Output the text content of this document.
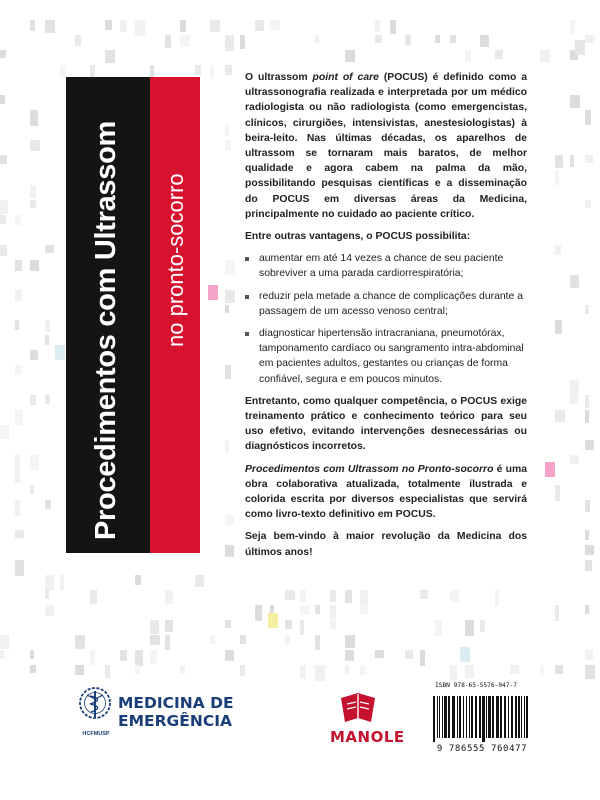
Procedimentos com Ultrassom no pronto-socorro

O ultrassom point of care (POCUS) é definido como a ultrassonografia realizada e interpretada por um médico radiologista ou não radiologista (como emergencistas, clínicos, cirurgiões, intensivistas, anestesiologistas) à beira-leito. Nas últimas décadas, os aparelhos de ultrassom se tornaram mais baratos, de melhor qualidade e agora cabem na palma da mão, possibilitando pesquisas científicas e a disseminação do POCUS em diversas áreas da Medicina, principalmente no cuidado ao paciente crítico.

Entre outras vantagens, o POCUS possibilita:

aumentar em até 14 vezes a chance de seu paciente sobreviver a uma parada cardiorrespiratória;
reduzir pela metade a chance de complicações durante a passagem de um acesso venoso central;
diagnosticar hipertensão intracraniana, pneumotórax, tamponamento cardíaco ou sangramento intra-abdominal em pacientes adultos, gestantes ou crianças de forma confiável, segura e em poucos minutos.

Entretanto, como qualquer competência, o POCUS exige treinamento prático e conhecimento teórico para seu uso efetivo, evitando intervenções desnecessárias ou diagnósticos incorretos.

Procedimentos com Ultrassom no Pronto-socorro é uma obra colaborativa atualizada, totalmente ilustrada e colorida escrita por diversos especialistas que servirá como livro-texto definitivo em POCUS.

Seja bem-vindo à maior revolução da Medicina dos últimos anos!

HCFMUSP
MEDICINA DE
EMERGÊNCIA
MANOLE
ISBN 978-65-5576-047-7
9 786555 760477
